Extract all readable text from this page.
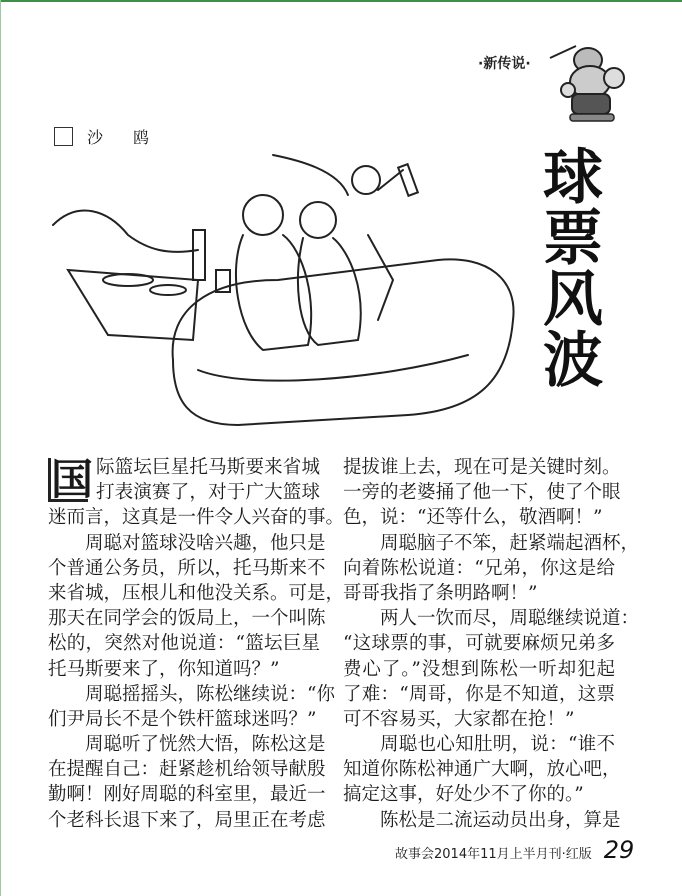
·新传说·
沙 鸥
球
票
风
波
国 际篮坛巨星托马斯要来省城
打表演赛了，对于广大篮球
迷而言，这真是一件令人兴奋的事。
周聪对篮球没啥兴趣，他只是
个普通公务员，所以，托马斯来不
来省城，压根儿和他没关系。可是，
那天在同学会的饭局上，一个叫陈
松的，突然对他说道：“篮坛巨星
托马斯要来了，你知道吗？”
周聪摇摇头，陈松继续说：“你
们尹局长不是个铁杆篮球迷吗？”
周聪听了恍然大悟，陈松这是
在提醒自己：赶紧趁机给领导献殷
勤啊！刚好周聪的科室里，最近一
个老科长退下来了，局里正在考虑
提拔谁上去，现在可是关键时刻。
一旁的老婆捅了他一下，使了个眼
色，说：“还等什么，敬酒啊！”
周聪脑子不笨，赶紧端起酒杯，
向着陈松说道：“兄弟，你这是给
哥哥我指了条明路啊！”
两人一饮而尽，周聪继续说道：
“这球票的事，可就要麻烦兄弟多
费心了。”没想到陈松一听却犯起
了难：“周哥，你是不知道，这票
可不容易买，大家都在抢！”
周聪也心知肚明，说：“谁不
知道你陈松神通广大啊，放心吧，
搞定这事，好处少不了你的。”
陈松是二流运动员出身，算是
故事会2014年11月上半月刊·红版 29
